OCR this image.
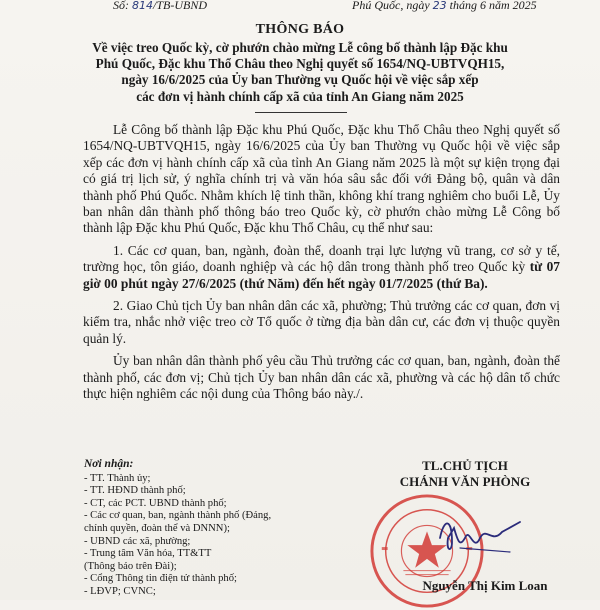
Số: 814/TB-UBND	Phú Quốc, ngày 23 tháng 6 năm 2025
THÔNG BÁO
Về việc treo Quốc kỳ, cờ phướn chào mừng Lễ công bố thành lập Đặc khu
Phú Quốc, Đặc khu Thổ Châu theo Nghị quyết số 1654/NQ-UBTVQH15,
ngày 16/6/2025 của Ủy ban Thường vụ Quốc hội về việc sắp xếp
các đơn vị hành chính cấp xã của tỉnh An Giang năm 2025

Lễ Công bố thành lập Đặc khu Phú Quốc, Đặc khu Thổ Châu theo Nghị quyết số 1654/NQ-UBTVQH15, ngày 16/6/2025 của Ủy ban Thường vụ Quốc hội về việc sắp xếp các đơn vị hành chính cấp xã của tỉnh An Giang năm 2025 là một sự kiện trọng đại có giá trị lịch sử, ý nghĩa chính trị và văn hóa sâu sắc đối với Đảng bộ, quân và dân thành phố Phú Quốc. Nhằm khích lệ tinh thần, không khí trang nghiêm cho buổi Lễ, Ủy ban nhân dân thành phố thông báo treo Quốc kỳ, cờ phướn chào mừng Lễ Công bố thành lập Đặc khu Phú Quốc, Đặc khu Thổ Châu, cụ thể như sau:

1. Các cơ quan, ban, ngành, đoàn thể, doanh trại lực lượng vũ trang, cơ sở y tế, trường học, tôn giáo, doanh nghiệp và các hộ dân trong thành phố treo Quốc kỳ từ 07 giờ 00 phút ngày 27/6/2025 (thứ Năm) đến hết ngày 01/7/2025 (thứ Ba).

2. Giao Chủ tịch Ủy ban nhân dân các xã, phường; Thủ trưởng các cơ quan, đơn vị kiểm tra, nhắc nhở việc treo cờ Tổ quốc ở từng địa bàn dân cư, các đơn vị thuộc quyền quản lý.

Ủy ban nhân dân thành phố yêu cầu Thủ trưởng các cơ quan, ban, ngành, đoàn thể thành phố, các đơn vị; Chủ tịch Ủy ban nhân dân các xã, phường và các hộ dân tổ chức thực hiện nghiêm các nội dung của Thông báo này./.

Nơi nhận:
- TT. Thành ủy;
- TT. HĐND thành phố;
- CT, các PCT. UBND thành phố;
- Các cơ quan, ban, ngành thành phố (Đảng,
chính quyền, đoàn thể và DNNN);
- UBND các xã, phường;
- Trung tâm Văn hóa, TT&TT
(Thông báo trên Đài);
- Cổng Thông tin điện tử thành phố;
- LĐVP; CVNC;
TL.CHỦ TỊCH
CHÁNH VĂN PHÒNG
Nguyễn Thị Kim Loan
